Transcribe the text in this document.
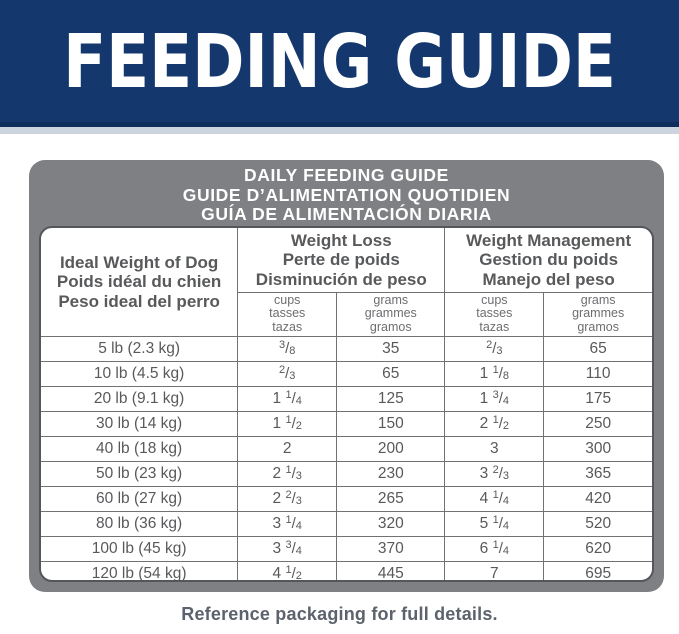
FEEDING GUIDE
DAILY FEEDING GUIDE
GUIDE D’ALIMENTATION QUOTIDIEN
GUÍA DE ALIMENTACIÓN DIARIA
Ideal Weight of Dog
Poids idéal du chien
Peso ideal del perro

Weight Loss
Perte de poids
Disminución de peso

Weight Management
Gestion du poids
Manejo del peso

cups
tasses
tazas

grams
grammes
gramos

cups
tasses
tazas

grams
grammes
gramos

5 lb (2.3 kg)	$^3$/8	35	$^2$/3	65
10 lb (4.5 kg)	$^2$/3	65	1 $^1$/8	110
20 lb (9.1 kg)	1 $^1$/4	125	1 $^3$/4	175
30 lb (14 kg)	1 $^1$/2	150	2 $^1$/2	250
40 lb (18 kg)	2	200	3	300
50 lb (23 kg)	2 $^1$/3	230	3 $^2$/3	365
60 lb (27 kg)	2 $^2$/3	265	4 $^1$/4	420
80 lb (36 kg)	3 $^1$/4	320	5 $^1$/4	520
100 lb (45 kg)	3 $^3$/4	370	6 $^1$/4	620
120 lb (54 kg)	4 $^1$/2	445	7	695
Reference packaging for full details.
